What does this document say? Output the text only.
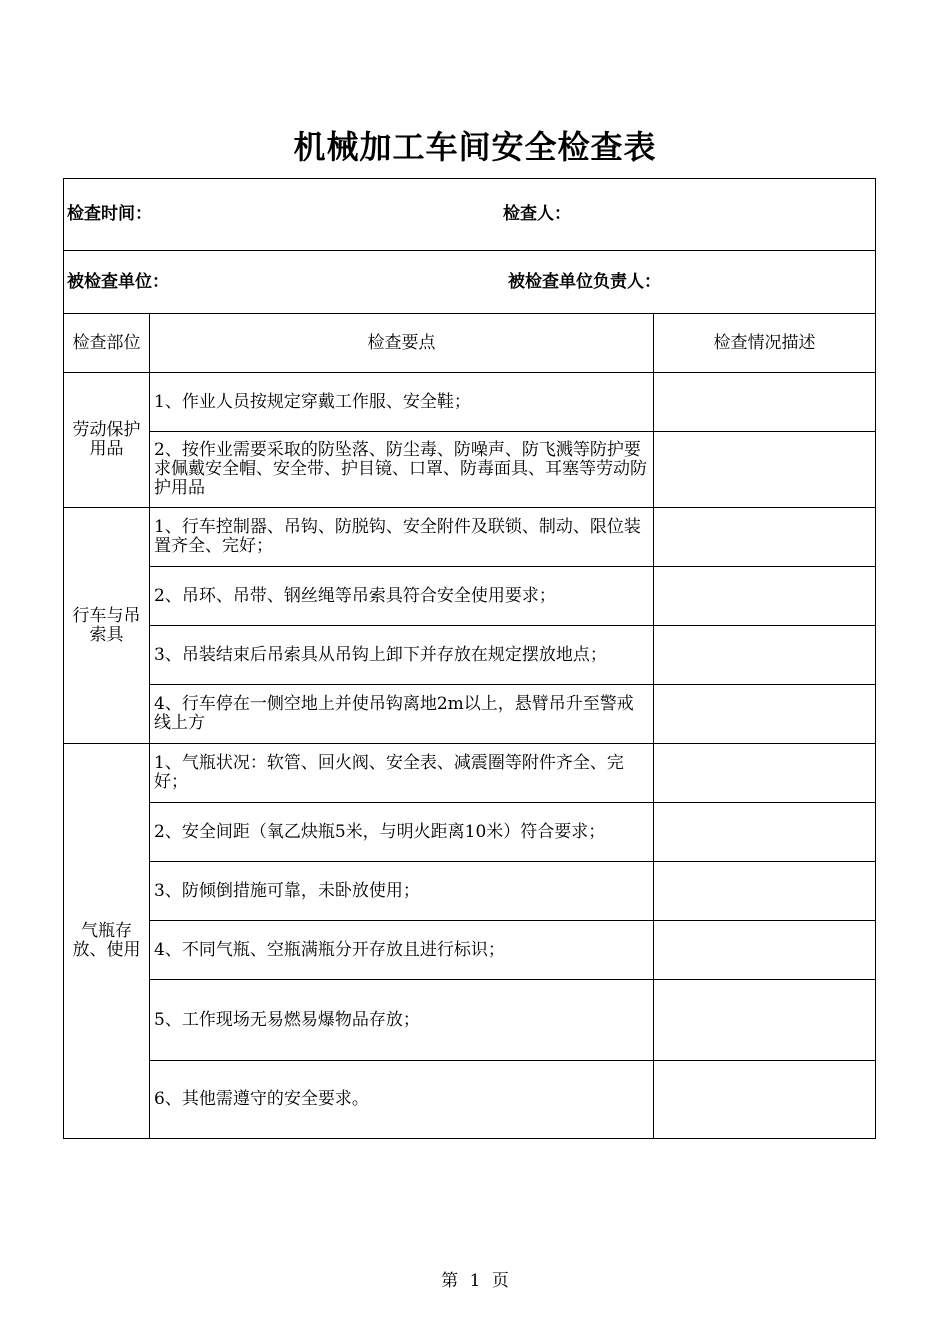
机械加工车间安全检查表
检查时间： 检查人：		

被检查单位： 被检查单位负责人：		

检查部位	检查要点	检查情况描述
劳动保护用品	1、作业人员按规定穿戴工作服、安全鞋；	
	2、按作业需要采取的防坠落、防尘毒、防噪声、防飞溅等防护要求佩戴安全帽、安全带、护目镜、口罩、防毒面具、耳塞等劳动防护用品	
行车与吊索具	1、行车控制器、吊钩、防脱钩、安全附件及联锁、制动、限位装置齐全、完好；	
	2、吊环、吊带、钢丝绳等吊索具符合安全使用要求；	
	3、吊装结束后吊索具从吊钩上卸下并存放在规定摆放地点；	
	4、行车停在一侧空地上并使吊钩离地2m以上，悬臂吊升至警戒线上方	
气瓶存放、使用	1、气瓶状况：软管、回火阀、安全表、减震圈等附件齐全、完好；	
	2、安全间距（氧乙炔瓶5米，与明火距离10米）符合要求；	
	3、防倾倒措施可靠，未卧放使用；	
	4、不同气瓶、空瓶满瓶分开存放且进行标识；	
	5、工作现场无易燃易爆物品存放；	
	6、其他需遵守的安全要求。	
第 1 页
